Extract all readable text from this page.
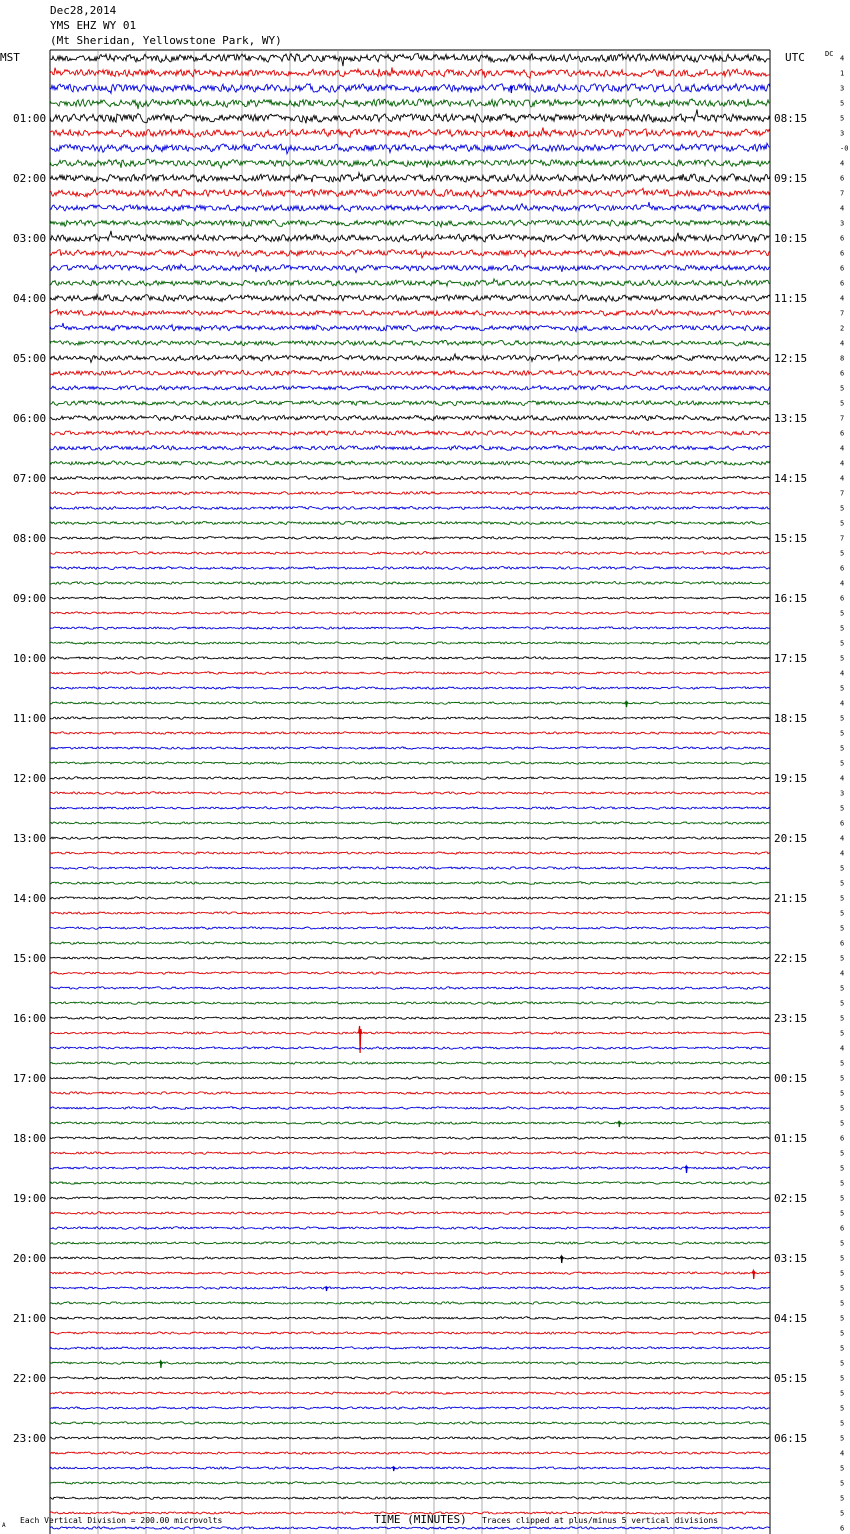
Dec28,2014
YMS EHZ WY 01
(Mt Sheridan, Yellowstone Park, WY)
4
1
3
5
5
01:00	08:15
3
-0
4
6
02:00	09:15
7
4
3
6
03:00	10:15
6
6
6
4
04:00	11:15
7
2
4
8
05:00	12:15
6
5
5
7
06:00	13:15
6
4
4
4
07:00	14:15
7
5
5
7
08:00	15:15
5
6
4
6
09:00	16:15
5
5
5
5
10:00	17:15
4
5
4
5
11:00	18:15
5
5
5
4
12:00	19:15
3
5
6
4
13:00	20:15
4
5
5
5
14:00	21:15
5
5
6
5
15:00	22:15
4
5
5
5
16:00	23:15
5
4
5
5
17:00	00:15
5
5
5
6
18:00	01:15
5
5
5
5
19:00	02:15
5
6
5
5
20:00	03:15
5
5
5
5
21:00	04:15
5
5
5
5
22:00	05:15
5
5
5
5
23:00	06:15
4
5
5
5
5
6
MST	UTC	DC
TIME (MINUTES)
Each Vertical Division = 200.00 microvolts	Traces clipped at plus/minus 5 vertical divisions
A
